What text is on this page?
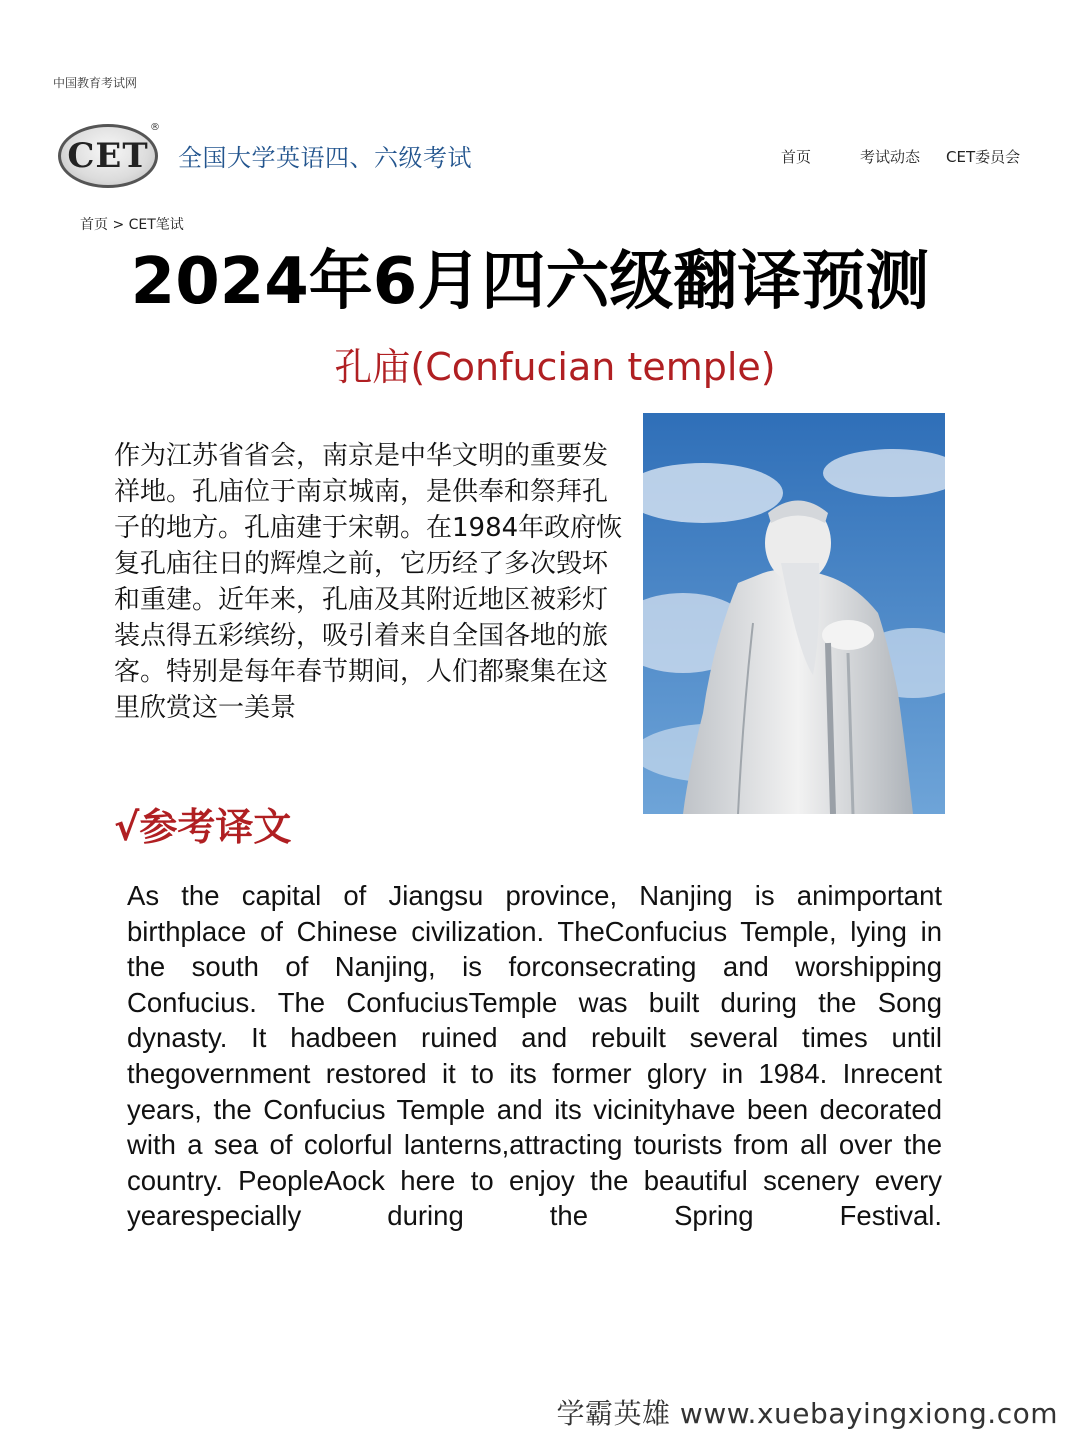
中国教育考试网
CET
®
全国大学英语四、六级考试	首页	考试动态 CET委员会
首页 > CET笔试
2024年6月四六级翻译预测
孔庙(Confucian temple)

作为江苏省省会，南京是中华文明的重要发祥地。孔庙位于南京城南，是供奉和祭拜孔子的地方。孔庙建于宋朝。在1984年政府恢复孔庙往日的辉煌之前，它历经了多次毁坏和重建。近年来，孔庙及其附近地区被彩灯装点得五彩缤纷，吸引着来自全国各地的旅客。特别是每年春节期间，人们都聚集在这里欣赏这一美景

√参考译文

As the capital of Jiangsu province, Nanjing is animportant birthplace of Chinese civilization. TheConfucius Temple, lying in the south of Nanjing, is forconsecrating and worshipping Confucius. The ConfuciusTemple was built during the Song dynasty. It hadbeen ruined and rebuilt several times until thegovernment restored it to its former glory in 1984. Inrecent years, the Confucius Temple and its vicinityhave been decorated with a sea of colorful lanterns,attracting tourists from all over the country. PeopleAock here to enjoy the beautiful scenery every yearespecially during the Spring Festival.

学霸英雄 www.xuebayingxiong.com
